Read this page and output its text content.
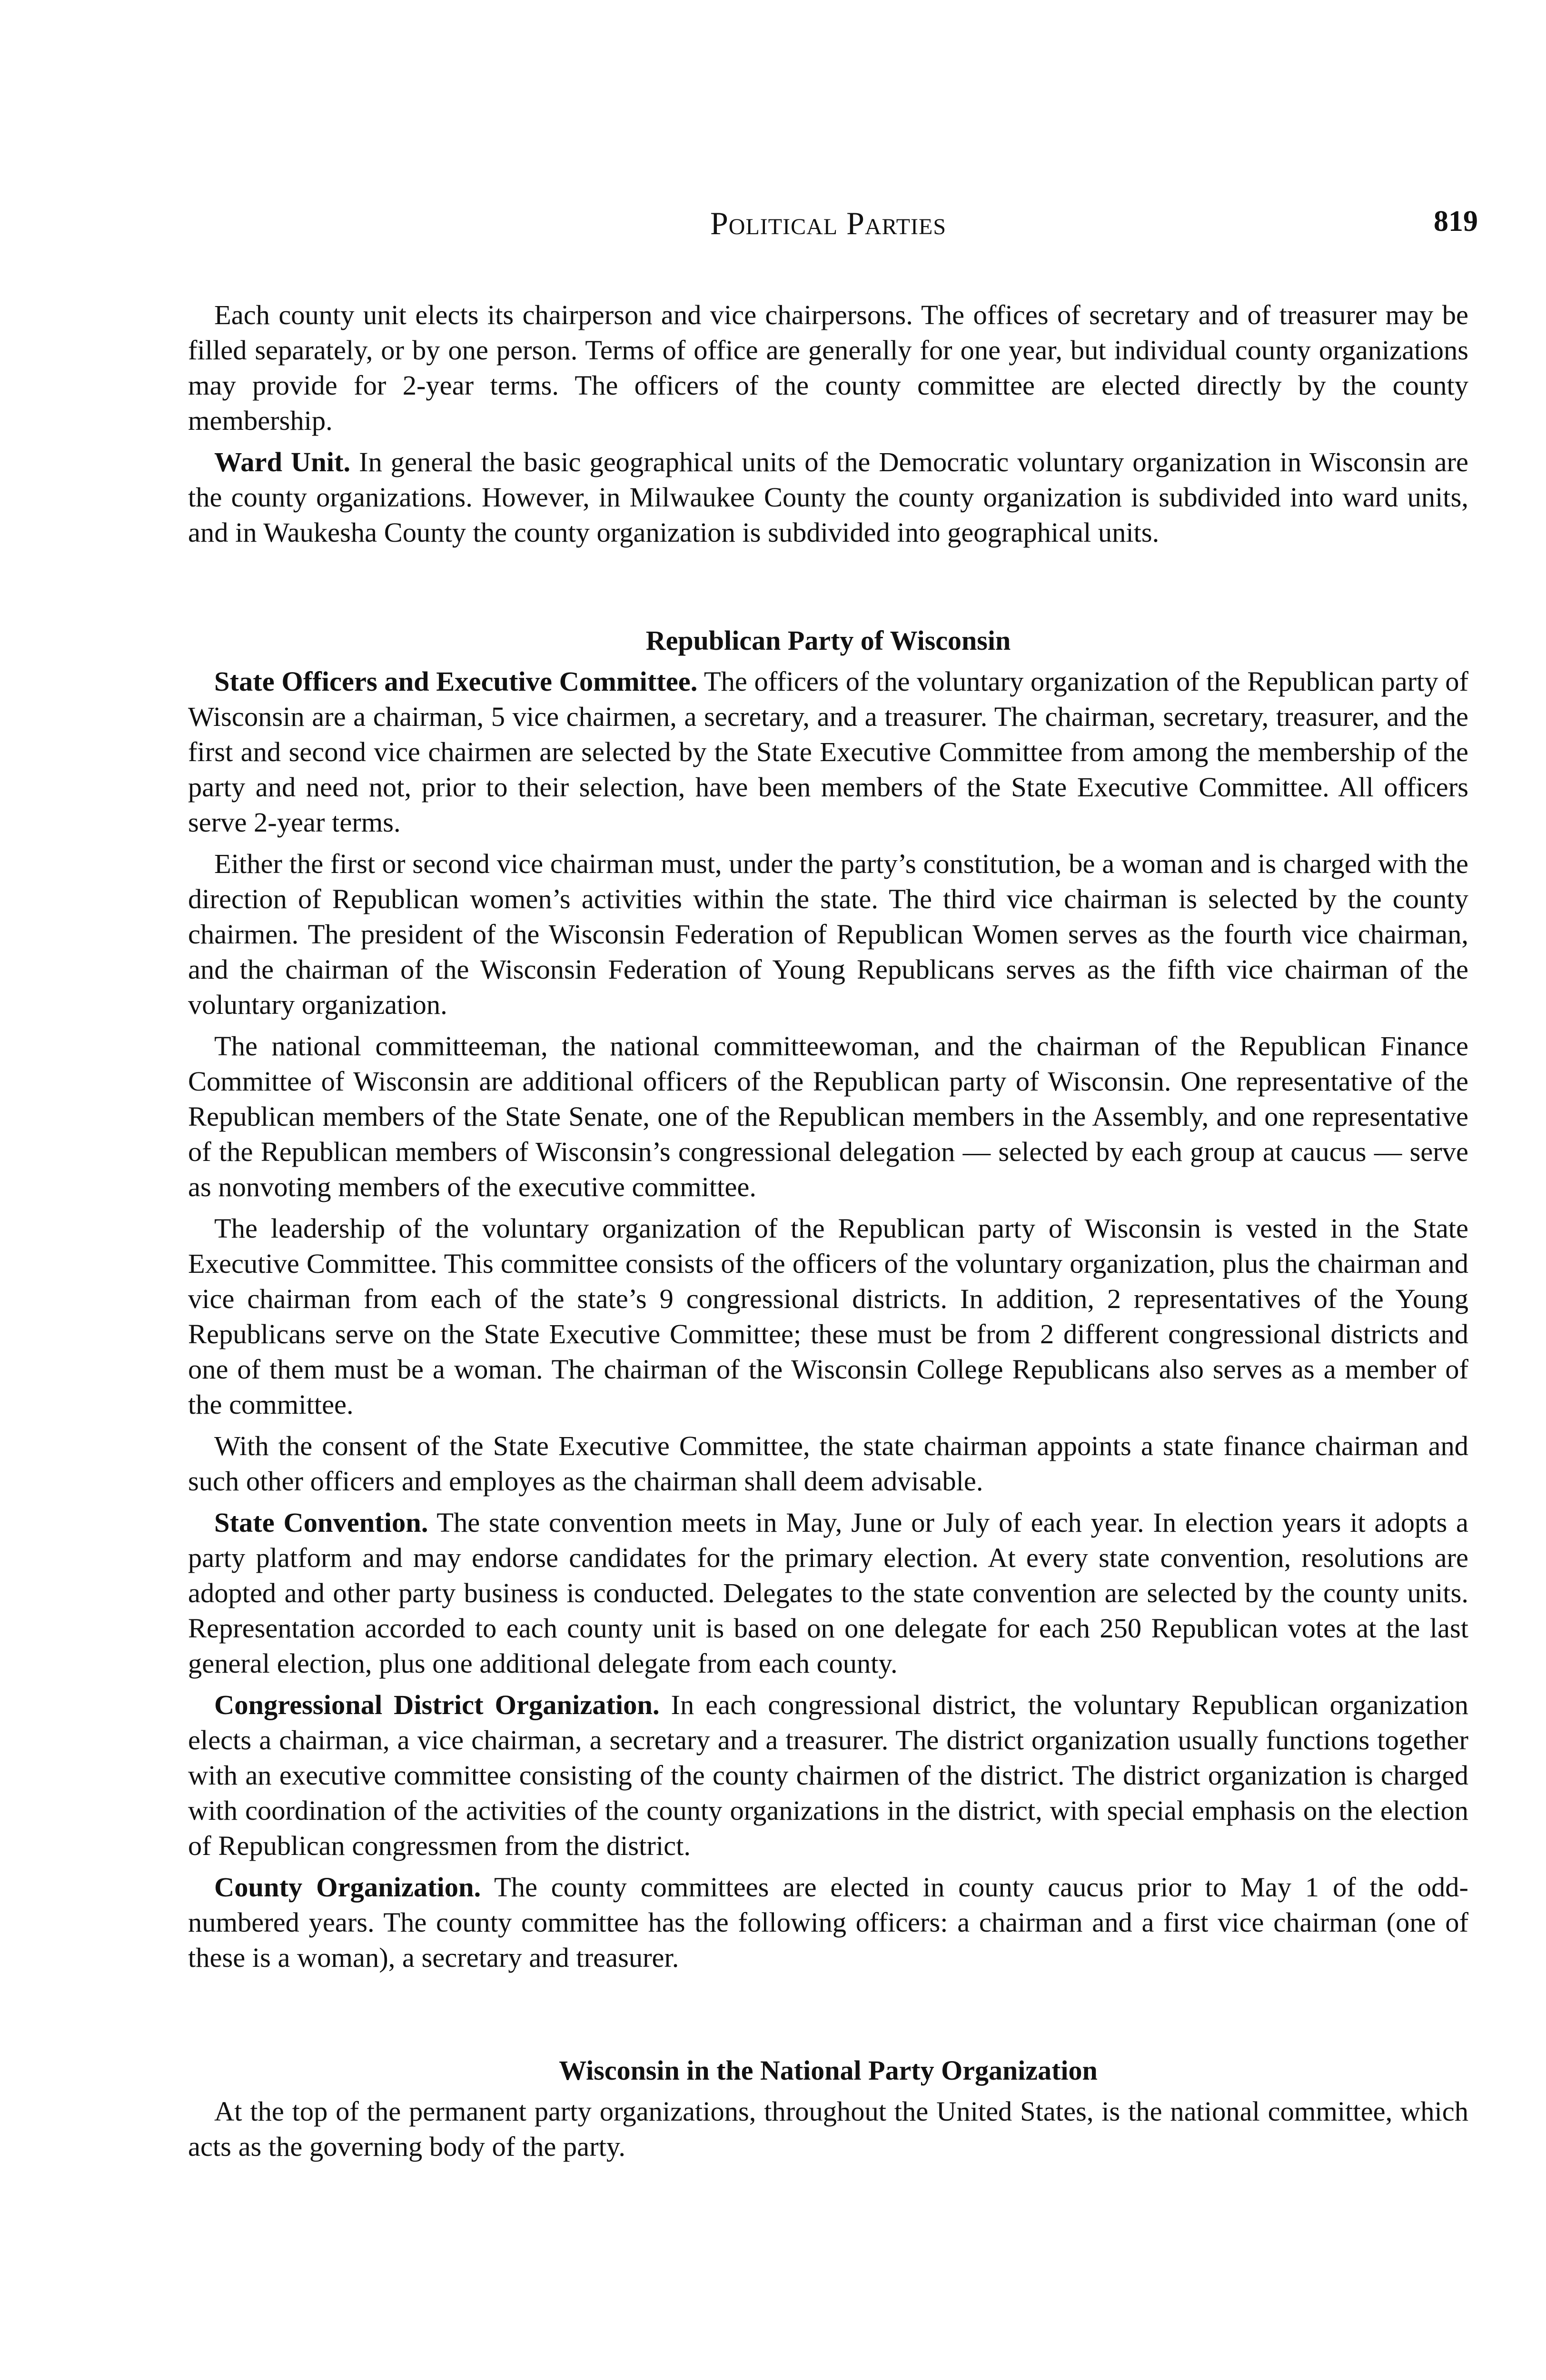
Political Parties	819

Each county unit elects its chairperson and vice chairpersons. The offices of secretary and of treasurer may be filled separately, or by one person. Terms of office are generally for one year, but individual county organizations may provide for 2-year terms. The officers of the county committee are elected directly by the county membership.

Ward Unit. In general the basic geographical units of the Democratic voluntary organization in Wisconsin are the county organizations. However, in Milwaukee County the county organization is subdivided into ward units, and in Waukesha County the county organization is subdivided into geographical units.

Republican Party of Wisconsin

State Officers and Executive Committee. The officers of the voluntary organization of the Republican party of Wisconsin are a chairman, 5 vice chairmen, a secretary, and a treasurer. The chairman, secretary, treasurer, and the first and second vice chairmen are selected by the State Executive Committee from among the membership of the party and need not, prior to their selection, have been members of the State Executive Committee. All officers serve 2-year terms.

Either the first or second vice chairman must, under the party’s constitution, be a woman and is charged with the direction of Republican women’s activities within the state. The third vice chairman is selected by the county chairmen. The president of the Wisconsin Federation of Republican Women serves as the fourth vice chairman, and the chairman of the Wisconsin Federation of Young Republicans serves as the fifth vice chairman of the voluntary organization.

The national committeeman, the national committeewoman, and the chairman of the Republican Finance Committee of Wisconsin are additional officers of the Republican party of Wisconsin. One representative of the Republican members of the State Senate, one of the Republican members in the Assembly, and one representative of the Republican members of Wisconsin’s congressional delegation — selected by each group at caucus — serve as nonvoting members of the executive committee.

The leadership of the voluntary organization of the Republican party of Wisconsin is vested in the State Executive Committee. This committee consists of the officers of the voluntary organization, plus the chairman and vice chairman from each of the state’s 9 congressional districts. In addition, 2 representatives of the Young Republicans serve on the State Executive Committee; these must be from 2 different congressional districts and one of them must be a woman. The chairman of the Wisconsin College Republicans also serves as a member of the committee.

With the consent of the State Executive Committee, the state chairman appoints a state finance chairman and such other officers and employes as the chairman shall deem advisable.

State Convention. The state convention meets in May, June or July of each year. In election years it adopts a party platform and may endorse candidates for the primary election. At every state convention, resolutions are adopted and other party business is conducted. Delegates to the state convention are selected by the county units. Representation accorded to each county unit is based on one delegate for each 250 Republican votes at the last general election, plus one additional delegate from each county.

Congressional District Organization. In each congressional district, the voluntary Republican organization elects a chairman, a vice chairman, a secretary and a treasurer. The district organization usually functions together with an executive committee consisting of the county chairmen of the district. The district organization is charged with coordination of the activities of the county organizations in the district, with special emphasis on the election of Republican congressmen from the district.

County Organization. The county committees are elected in county caucus prior to May 1 of the odd-numbered years. The county committee has the following officers: a chairman and a first vice chairman (one of these is a woman), a secretary and treasurer.

Wisconsin in the National Party Organization

At the top of the permanent party organizations, throughout the United States, is the national committee, which acts as the governing body of the party.
